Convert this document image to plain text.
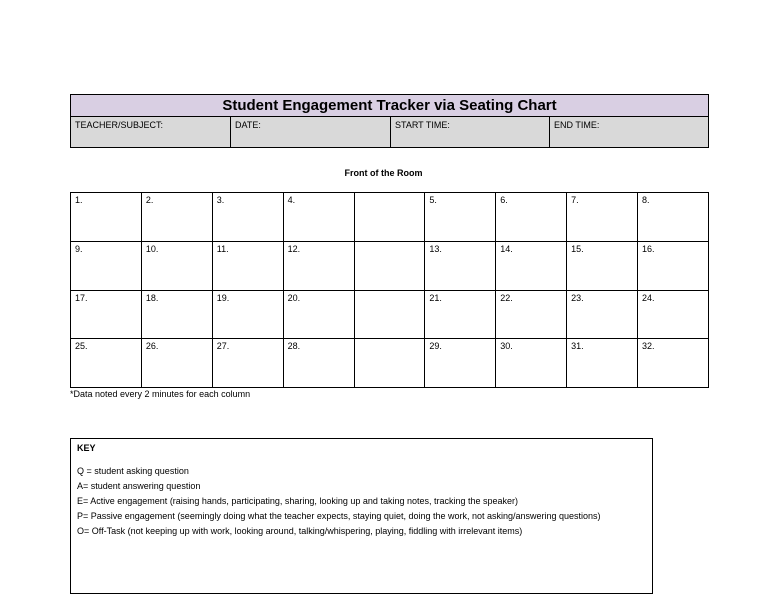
Student Engagement Tracker via Seating Chart
TEACHER/SUBJECT:	DATE:	START TIME:	END TIME:
Front of the Room
1.	2.	3.	4.		5.	6.	7.	8.
9.	10.	11.	12.		13.	14.	15.	16.
17.	18.	19.	20.		21.	22.	23.	24.
25.	26.	27.	28.		29.	30.	31.	32.
*Data noted every 2 minutes for each column
KEY
Q = student asking question
A= student answering question
E= Active engagement (raising hands, participating, sharing, looking up and taking notes, tracking the speaker)
P= Passive engagement (seemingly doing what the teacher expects, staying quiet, doing the work, not asking/answering questions)
O= Off-Task (not keeping up with work, looking around, talking/whispering, playing, fiddling with irrelevant items)
